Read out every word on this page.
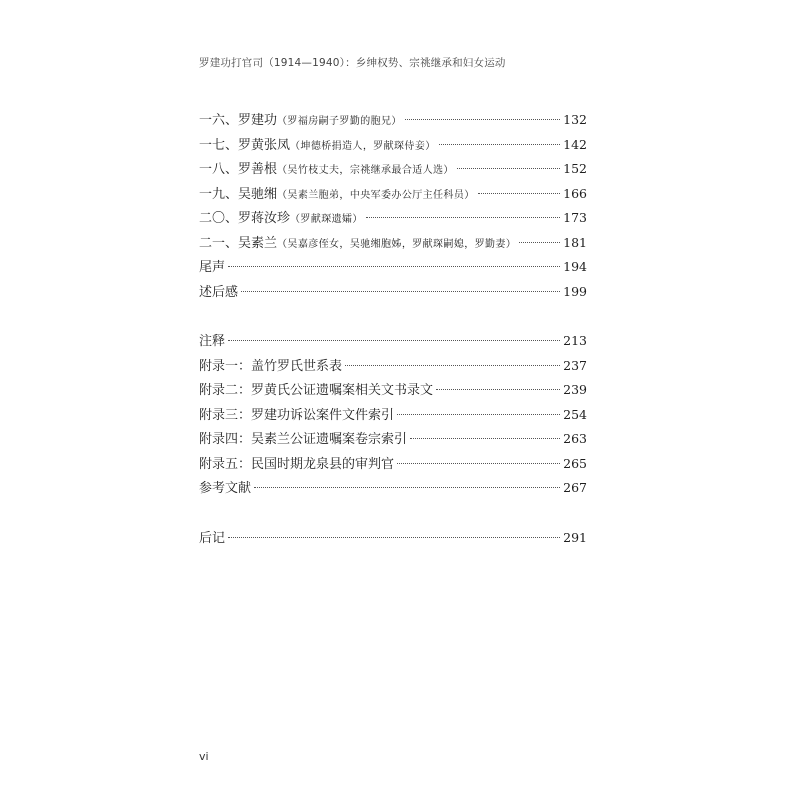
罗建功打官司（1914—1940）：乡绅权势、宗祧继承和妇女运动
一六、罗建功（罗福房嗣子罗勤的胞兄）	132
一七、罗黄张凤（坤德桥捐造人，罗献琛侍妾）	142
一八、罗善根（吴竹枝丈夫，宗祧继承最合适人选）	152
一九、吴驰缃（吴素兰胞弟，中央军委办公厅主任科员）	166
二〇、罗蒋汝珍（罗献琛遗孀）	173
二一、吴素兰（吴嘉彦侄女，吴驰缃胞姊，罗献琛嗣媳，罗勤妻）	181
尾声	194
述后感	199
注释	213
附录一：盖竹罗氏世系表	237
附录二：罗黄氏公证遗嘱案相关文书录文	239
附录三：罗建功诉讼案件文件索引	254
附录四：吴素兰公证遗嘱案卷宗索引	263
附录五：民国时期龙泉县的审判官	265
参考文献	267
后记	291
vi
